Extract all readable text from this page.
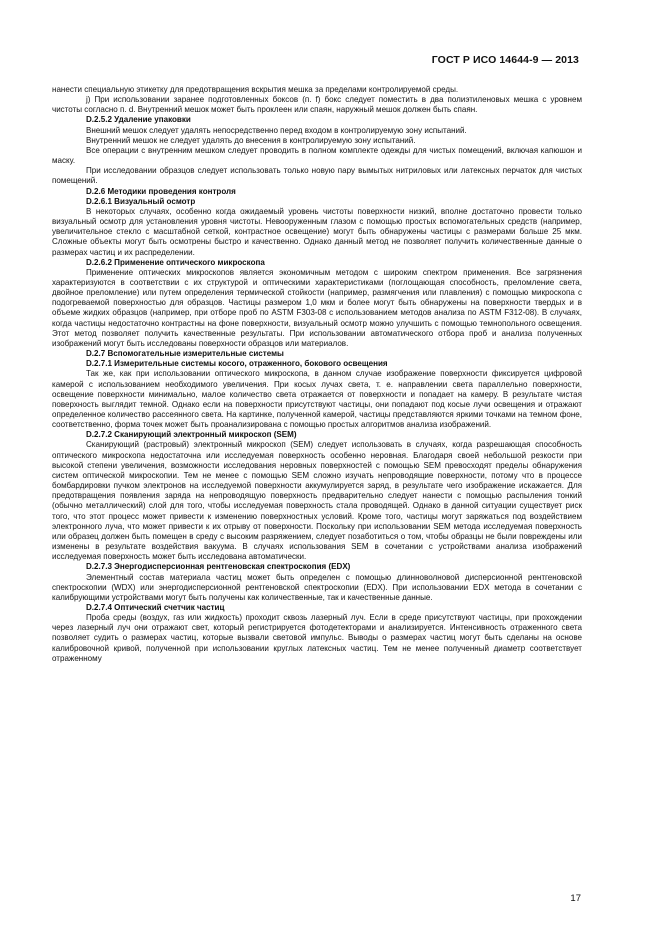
ГОСТ Р ИСО 14644-9 — 2013

нанести специальную этикетку для предотвращения вскрытия мешка за пределами контролируемой среды.

j) При использовании заранее подготовленных боксов (п. f) бокс следует поместить в два полиэтиленовых мешка с уровнем чистоты согласно п. d. Внутренний мешок может быть проклеен или спаян, наружный мешок должен быть спаян.

D.2.5.2 Удаление упаковки

Внешний мешок следует удалять непосредственно перед входом в контролируемую зону испытаний.

Внутренний мешок не следует удалять до внесения в контролируемую зону испытаний.

Все операции с внутренним мешком следует проводить в полном комплекте одежды для чистых помещений, включая капюшон и маску.

При исследовании образцов следует использовать только новую пару вымытых нитриловых или латексных перчаток для чистых помещений.

D.2.6 Методики проведения контроля

D.2.6.1 Визуальный осмотр

В некоторых случаях, особенно когда ожидаемый уровень чистоты поверхности низкий, вполне достаточно провести только визуальный осмотр для установления уровня чистоты. Невооруженным глазом с помощью простых вспомогательных средств (например, увеличительное стекло с масштабной сеткой, контрастное освещение) могут быть обнаружены частицы с размерами больше 25 мкм. Сложные объекты могут быть осмотрены быстро и качественно. Однако данный метод не позволяет получить количественные данные о размерах частиц и их распределении.

D.2.6.2 Применение оптического микроскопа

Применение оптических микроскопов является экономичным методом с широким спектром применения. Все загрязнения характеризуются в соответствии с их структурой и оптическими характеристиками (поглощающая способность, преломление света, двойное преломление) или путем определения термической стойкости (например, размягчения или плавления) с помощью микроскопа с подогреваемой поверхностью для образцов. Частицы размером 1,0 мкм и более могут быть обнаружены на поверхности твердых и в объеме жидких образцов (например, при отборе проб по ASTM F303-08 с использованием методов анализа по ASTM F312-08). В случаях, когда частицы недостаточно контрастны на фоне поверхности, визуальный осмотр можно улучшить с помощью темнопольного освещения. Этот метод позволяет получить качественные результаты. При использовании автоматического отбора проб и анализа полученных изображений могут быть исследованы поверхности образцов или материалов.

D.2.7 Вспомогательные измерительные системы

D.2.7.1 Измерительные системы косого, отраженного, бокового освещения

Так же, как при использовании оптического микроскопа, в данном случае изображение поверхности фиксируется цифровой камерой с использованием необходимого увеличения. При косых лучах света, т. е. направлении света параллельно поверхности, освещение поверхности минимально, малое количество света отражается от поверхности и попадает на камеру. В результате чистая поверхность выглядит темной. Однако если на поверхности присутствуют частицы, они попадают под косые лучи освещения и отражают определенное количество рассеянного света. На картинке, полученной камерой, частицы представляются яркими точками на темном фоне, соответственно, форма точек может быть проанализирована с помощью простых алгоритмов анализа изображений.

D.2.7.2 Сканирующий электронный микроскоп (SEM)

Сканирующий (растровый) электронный микроскоп (SEM) следует использовать в случаях, когда разрешающая способность оптического микроскопа недостаточна или исследуемая поверхность особенно неровная. Благодаря своей небольшой резкости при высокой степени увеличения, возможности исследования неровных поверхностей с помощью SEM превосходят пределы обнаружения систем оптической микроскопии. Тем не менее с помощью SEM сложно изучать непроводящие поверхности, потому что в процессе бомбардировки пучком электронов на исследуемой поверхности аккумулируется заряд, в результате чего изображение искажается. Для предотвращения появления заряда на непроводящую поверхность предварительно следует нанести с помощью распыления тонкий (обычно металлический) слой для того, чтобы исследуемая поверхность стала проводящей. Однако в данной ситуации существует риск того, что этот процесс может привести к изменению поверхностных условий. Кроме того, частицы могут заряжаться под воздействием электронного луча, что может привести к их отрыву от поверхности. Поскольку при использовании SEM метода исследуемая поверхность или образец должен быть помещен в среду с высоким разряжением, следует позаботиться о том, чтобы образцы не были повреждены или изменены в результате воздействия вакуума. В случаях использования SEM в сочетании с устройствами анализа изображений исследуемая поверхность может быть исследована автоматически.

D.2.7.3 Энергодисперсионная рентгеновская спектроскопия (EDX)

Элементный состав материала частиц может быть определен с помощью длинноволновой дисперсионной рентгеновской спектроскопии (WDX) или энергодисперсионной рентгеновской спектроскопии (EDX). При использовании EDX метода в сочетании с калибрующими устройствами могут быть получены как количественные, так и качественные данные.

D.2.7.4 Оптический счетчик частиц

Проба среды (воздух, газ или жидкость) проходит сквозь лазерный луч. Если в среде присутствуют частицы, при прохождении через лазерный луч они отражают свет, который регистрируется фотодетекторами и анализируется. Интенсивность отраженного света позволяет судить о размерах частиц, которые вызвали световой импульс. Выводы о размерах частиц могут быть сделаны на основе калибровочной кривой, полученной при использовании круглых латексных частиц. Тем не менее полученный диаметр соответствует отраженному

17
